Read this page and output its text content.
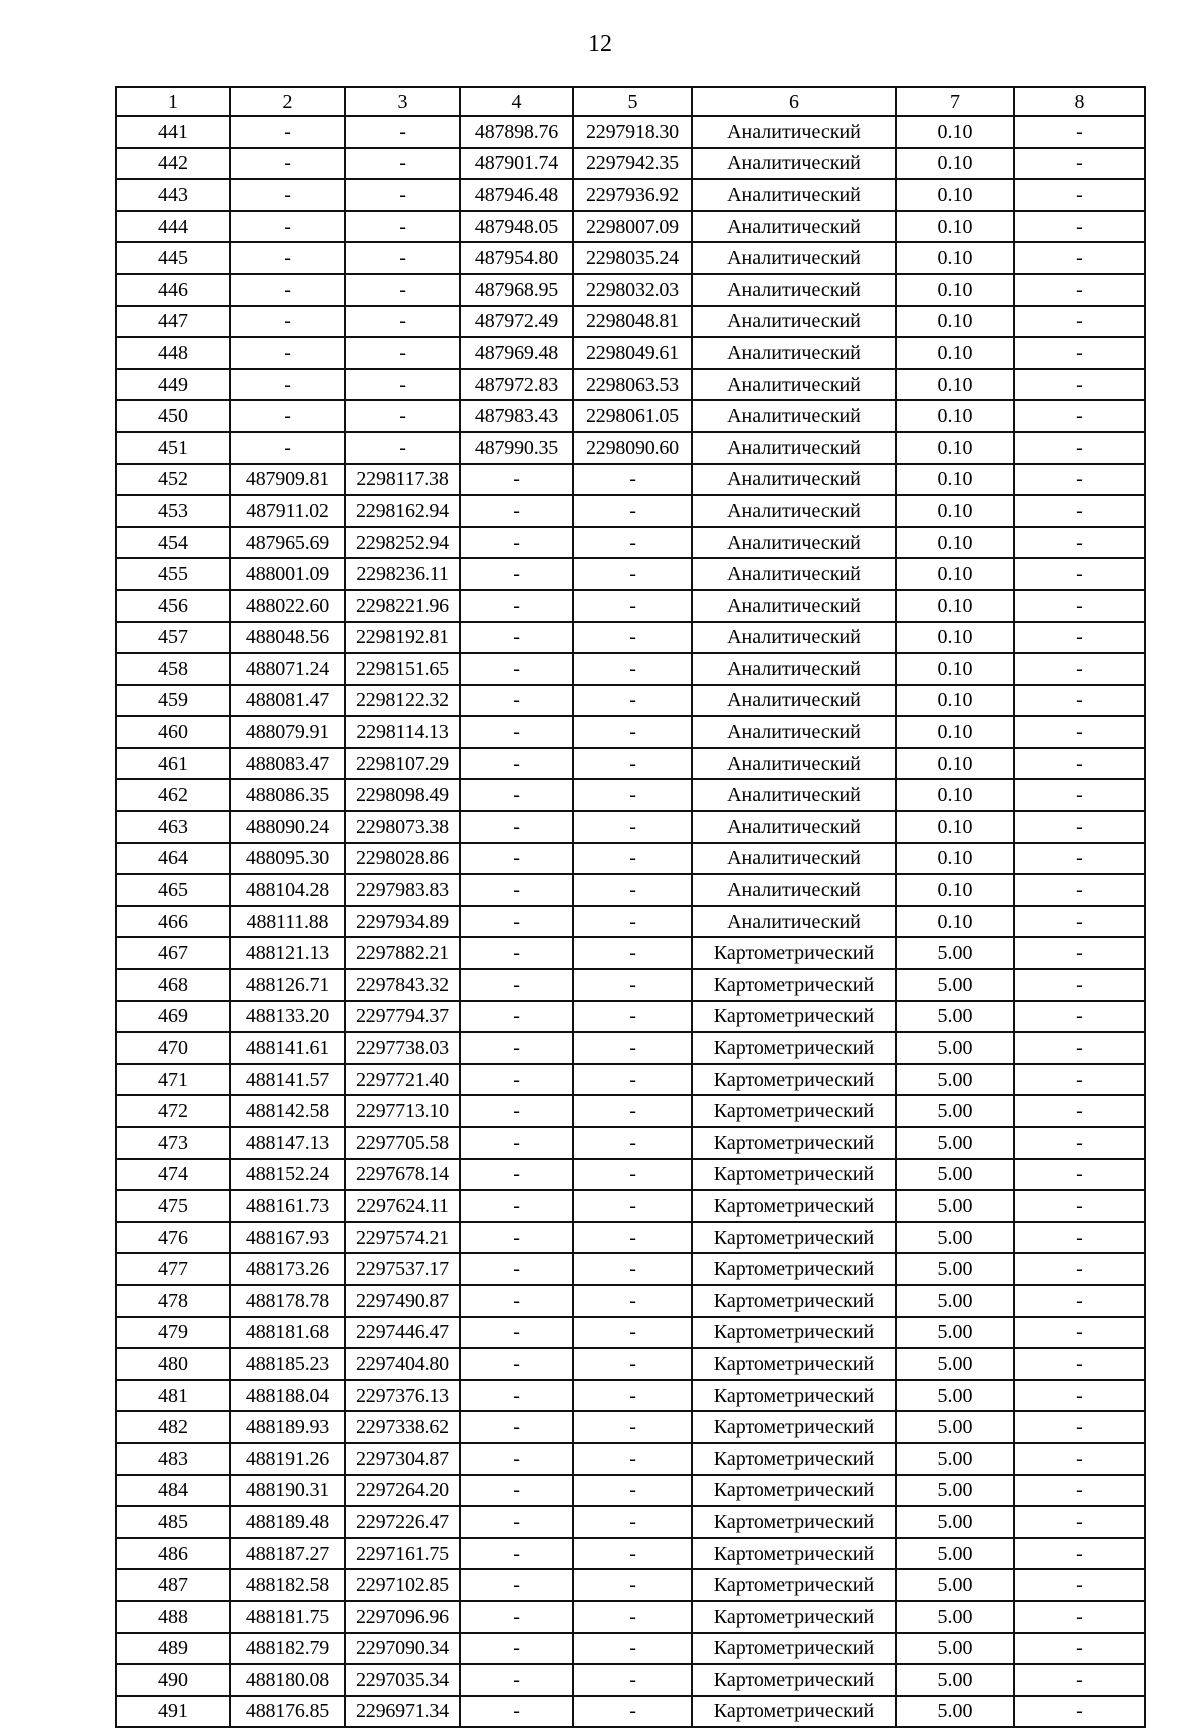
12
1	2	3	4	5	6	7	8
441	-	-	487898.76	2297918.30	Аналитический	0.10	-
442	-	-	487901.74	2297942.35	Аналитический	0.10	-
443	-	-	487946.48	2297936.92	Аналитический	0.10	-
444	-	-	487948.05	2298007.09	Аналитический	0.10	-
445	-	-	487954.80	2298035.24	Аналитический	0.10	-
446	-	-	487968.95	2298032.03	Аналитический	0.10	-
447	-	-	487972.49	2298048.81	Аналитический	0.10	-
448	-	-	487969.48	2298049.61	Аналитический	0.10	-
449	-	-	487972.83	2298063.53	Аналитический	0.10	-
450	-	-	487983.43	2298061.05	Аналитический	0.10	-
451	-	-	487990.35	2298090.60	Аналитический	0.10	-
452	487909.81	2298117.38	-	-	Аналитический	0.10	-
453	487911.02	2298162.94	-	-	Аналитический	0.10	-
454	487965.69	2298252.94	-	-	Аналитический	0.10	-
455	488001.09	2298236.11	-	-	Аналитический	0.10	-
456	488022.60	2298221.96	-	-	Аналитический	0.10	-
457	488048.56	2298192.81	-	-	Аналитический	0.10	-
458	488071.24	2298151.65	-	-	Аналитический	0.10	-
459	488081.47	2298122.32	-	-	Аналитический	0.10	-
460	488079.91	2298114.13	-	-	Аналитический	0.10	-
461	488083.47	2298107.29	-	-	Аналитический	0.10	-
462	488086.35	2298098.49	-	-	Аналитический	0.10	-
463	488090.24	2298073.38	-	-	Аналитический	0.10	-
464	488095.30	2298028.86	-	-	Аналитический	0.10	-
465	488104.28	2297983.83	-	-	Аналитический	0.10	-
466	488111.88	2297934.89	-	-	Аналитический	0.10	-
467	488121.13	2297882.21	-	-	Картометрический	5.00	-
468	488126.71	2297843.32	-	-	Картометрический	5.00	-
469	488133.20	2297794.37	-	-	Картометрический	5.00	-
470	488141.61	2297738.03	-	-	Картометрический	5.00	-
471	488141.57	2297721.40	-	-	Картометрический	5.00	-
472	488142.58	2297713.10	-	-	Картометрический	5.00	-
473	488147.13	2297705.58	-	-	Картометрический	5.00	-
474	488152.24	2297678.14	-	-	Картометрический	5.00	-
475	488161.73	2297624.11	-	-	Картометрический	5.00	-
476	488167.93	2297574.21	-	-	Картометрический	5.00	-
477	488173.26	2297537.17	-	-	Картометрический	5.00	-
478	488178.78	2297490.87	-	-	Картометрический	5.00	-
479	488181.68	2297446.47	-	-	Картометрический	5.00	-
480	488185.23	2297404.80	-	-	Картометрический	5.00	-
481	488188.04	2297376.13	-	-	Картометрический	5.00	-
482	488189.93	2297338.62	-	-	Картометрический	5.00	-
483	488191.26	2297304.87	-	-	Картометрический	5.00	-
484	488190.31	2297264.20	-	-	Картометрический	5.00	-
485	488189.48	2297226.47	-	-	Картометрический	5.00	-
486	488187.27	2297161.75	-	-	Картометрический	5.00	-
487	488182.58	2297102.85	-	-	Картометрический	5.00	-
488	488181.75	2297096.96	-	-	Картометрический	5.00	-
489	488182.79	2297090.34	-	-	Картометрический	5.00	-
490	488180.08	2297035.34	-	-	Картометрический	5.00	-
491	488176.85	2296971.34	-	-	Картометрический	5.00	-
